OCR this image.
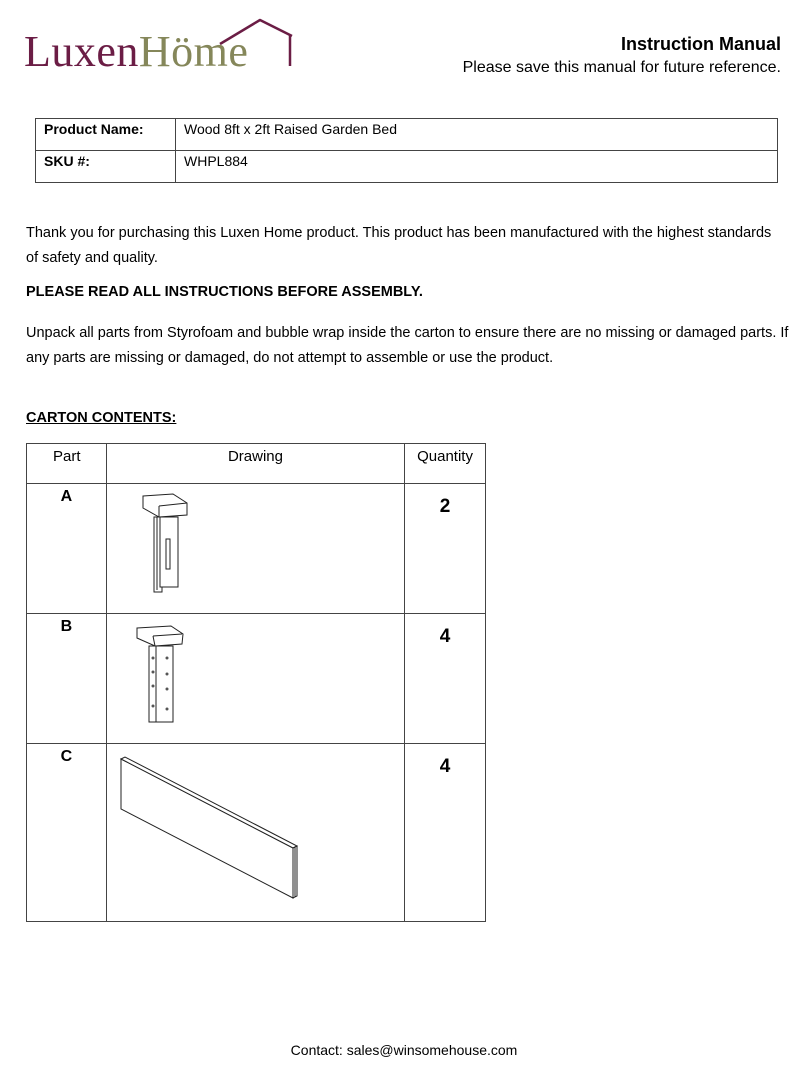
LuxenHöme	Instruction Manual
Please save this manual for future reference.
Product Name:	Wood 8ft x 2ft Raised Garden Bed
SKU #:	WHPL884

Thank you for purchasing this Luxen Home product. This product has been manufactured with the highest standards of safety and quality.

PLEASE READ ALL INSTRUCTIONS BEFORE ASSEMBLY.

Unpack all parts from Styrofoam and bubble wrap inside the carton to ensure there are no missing or damaged parts. If any parts are missing or damaged, do not attempt to assemble or use the product.

CARTON CONTENTS:

Part	Drawing	Quantity
A		2
B		4
C		4
Contact: sales@winsomehouse.com
